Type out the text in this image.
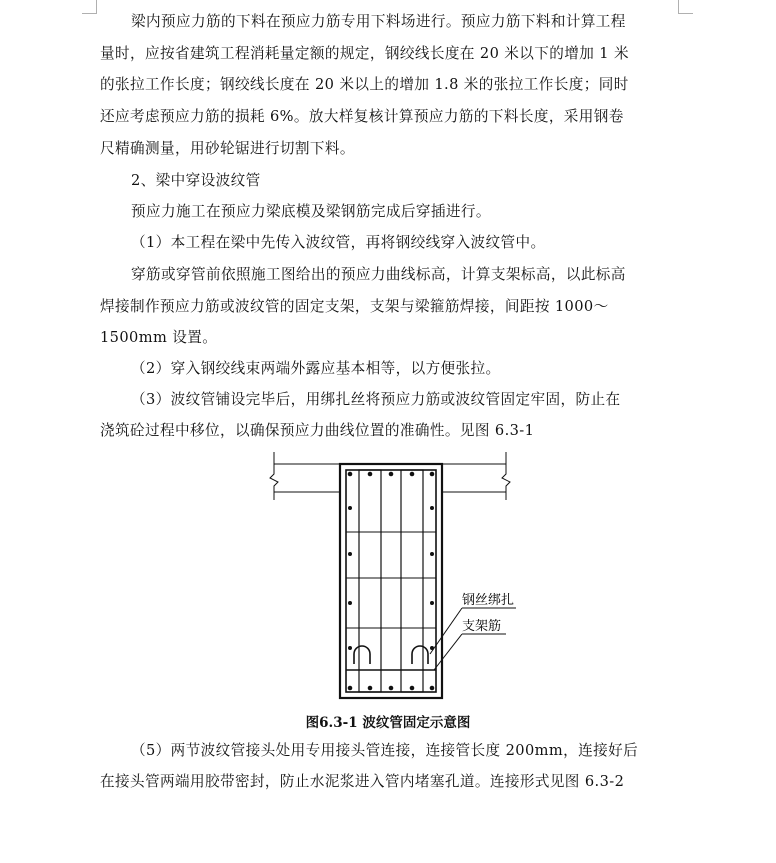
梁内预应力筋的下料在预应力筋专用下料场进行。预应力筋下料和计算工程
量时，应按省建筑工程消耗量定额的规定，钢绞线长度在 20 米以下的增加 1 米
的张拉工作长度；钢绞线长度在 20 米以上的增加 1.8 米的张拉工作长度；同时
还应考虑预应力筋的损耗 6%。放大样复核计算预应力筋的下料长度，采用钢卷
尺精确测量，用砂轮锯进行切割下料。
2、梁中穿设波纹管
预应力施工在预应力梁底模及梁钢筋完成后穿插进行。
（1）本工程在梁中先传入波纹管，再将钢绞线穿入波纹管中。
穿筋或穿管前依照施工图给出的预应力曲线标高，计算支架标高，以此标高
焊接制作预应力筋或波纹管的固定支架，支架与梁箍筋焊接，间距按 1000～
1500mm 设置。
（2）穿入钢绞线束两端外露应基本相等，以方便张拉。
（3）波纹管铺设完毕后，用绑扎丝将预应力筋或波纹管固定牢固，防止在
浇筑砼过程中移位，以确保预应力曲线位置的准确性。见图 6.3-1
钢丝绑扎
支架筋
图6.3-1 波纹管固定示意图
（5）两节波纹管接头处用专用接头管连接，连接管长度 200mm，连接好后
在接头管两端用胶带密封，防止水泥浆进入管内堵塞孔道。连接形式见图 6.3-2
